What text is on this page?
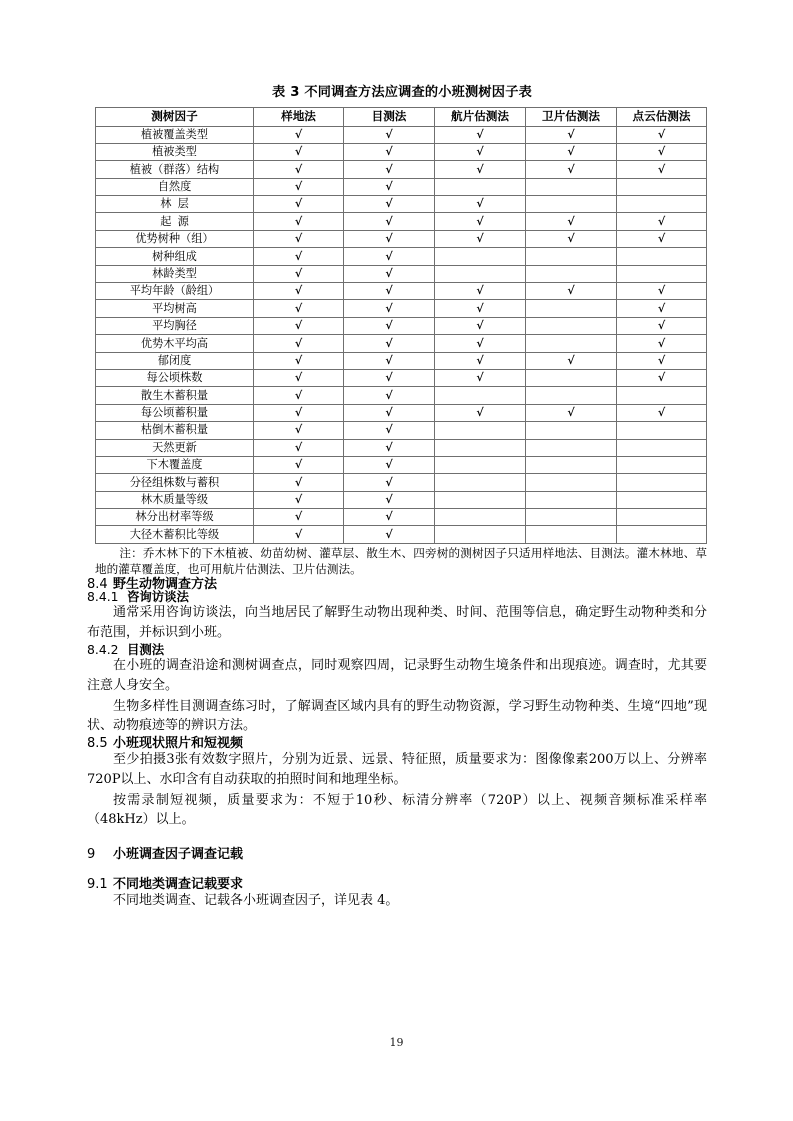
表 3 不同调查方法应调查的小班测树因子表
测树因子	样地法	目测法	航片估测法	卫片估测法	点云估测法
植被覆盖类型	√	√	√	√	√
植被类型	√	√	√	√	√
植被（群落）结构	√	√	√	√	√
自然度	√	√			
林层	√	√	√		
起源	√	√	√	√	√
优势树种（组）	√	√	√	√	√
树种组成	√	√			
林龄类型	√	√			
平均年龄（龄组）	√	√	√	√	√
平均树高	√	√	√		√
平均胸径	√	√	√		√
优势木平均高	√	√	√		√
郁闭度	√	√	√	√	√
每公顷株数	√	√	√		√
散生木蓄积量	√	√			
每公顷蓄积量	√	√	√	√	√
枯倒木蓄积量	√	√			
天然更新	√	√			
下木覆盖度	√	√			
分径组株数与蓄积	√	√			
林木质量等级	√	√			
林分出材率等级	√	√			
大径木蓄积比等级	√	√			
注：乔木林下的下木植被、幼苗幼树、灌草层、散生木、四旁树的测树因子只适用样地法、目测法。灌木林地、草地的灌草覆盖度，也可用航片估测法、卫片估测法。
8.4 野生动物调查方法
8.4.1 咨询访谈法

通常采用咨询访谈法，向当地居民了解野生动物出现种类、时间、范围等信息，确定野生动物种类和分布范围，并标识到小班。

8.4.2 目测法

在小班的调查沿途和测树调查点，同时观察四周，记录野生动物生境条件和出现痕迹。调查时，尤其要注意人身安全。

生物多样性目测调查练习时，了解调查区域内具有的野生动物资源，学习野生动物种类、生境“四地”现状、动物痕迹等的辨识方法。

8.5 小班现状照片和短视频

至少拍摄3张有效数字照片，分别为近景、远景、特征照，质量要求为：图像像素200万以上、分辨率720P以上、水印含有自动获取的拍照时间和地理坐标。

按需录制短视频，质量要求为：不短于10秒、标清分辨率（720P）以上、视频音频标准采样率（48kHz）以上。

9 小班调查因子调查记载
9.1 不同地类调查记载要求

不同地类调查、记载各小班调查因子，详见表 4。

19
